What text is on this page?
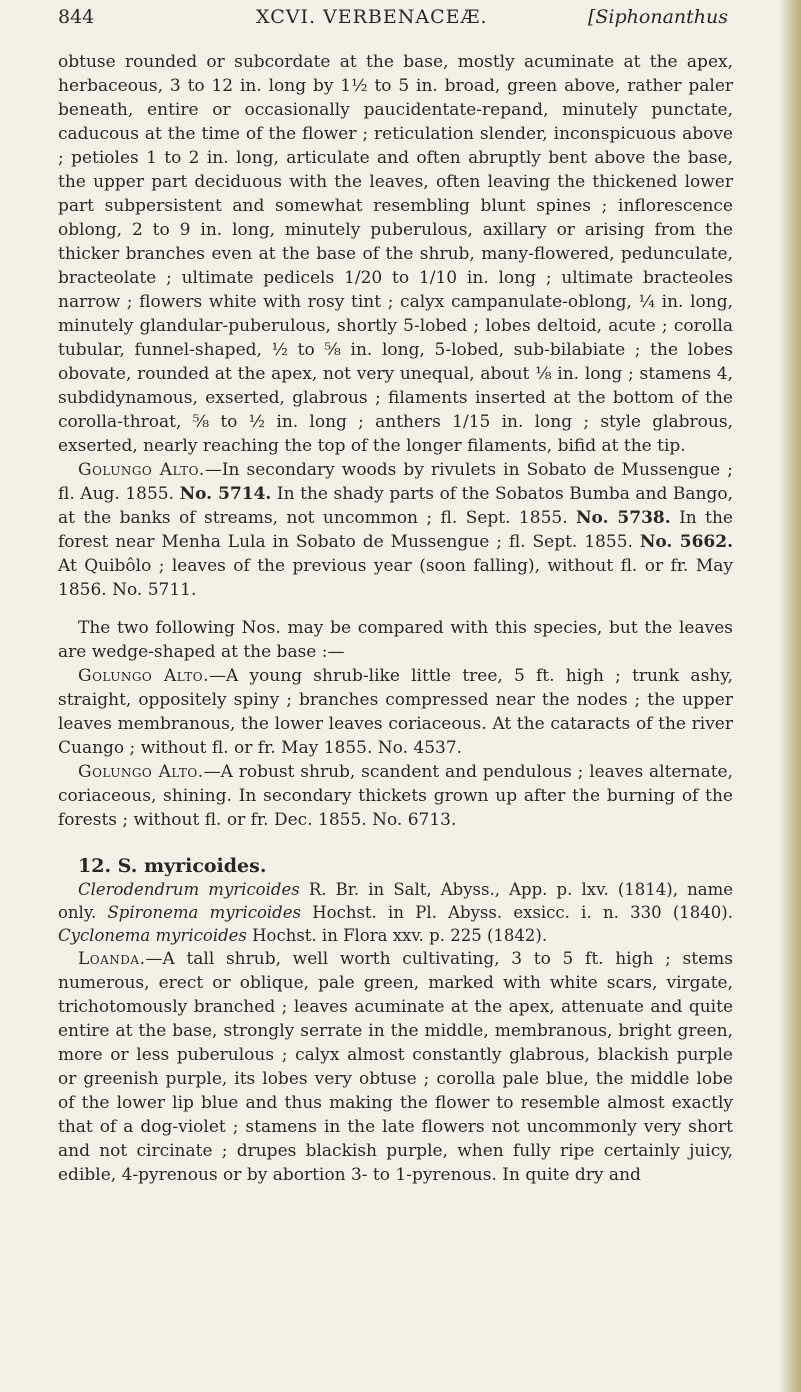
844	XCVI. VERBENACEÆ.	[Siphonanthus

obtuse rounded or subcordate at the base, mostly acuminate at the apex, herbaceous, 3 to 12 in. long by 1½ to 5 in. broad, green above, rather paler beneath, entire or occasionally paucidentate-repand, minutely punctate, caducous at the time of the flower ; reticulation slender, inconspicuous above ; petioles 1 to 2 in. long, articulate and often abruptly bent above the base, the upper part deciduous with the leaves, often leaving the thickened lower part subpersistent and somewhat resembling blunt spines ; inflorescence oblong, 2 to 9 in. long, minutely puberulous, axillary or arising from the thicker branches even at the base of the shrub, many-flowered, pedunculate, bracteolate ; ultimate pedicels 1/20 to 1/10 in. long ; ultimate bracteoles narrow ; flowers white with rosy tint ; calyx campanulate-oblong, ¼ in. long, minutely glandular-puberulous, shortly 5-lobed ; lobes deltoid, acute ; corolla tubular, funnel-shaped, ½ to ⅝ in. long, 5-lobed, sub-bilabiate ; the lobes obovate, rounded at the apex, not very unequal, about ⅛ in. long ; stamens 4, subdidynamous, exserted, glabrous ; filaments inserted at the bottom of the corolla-throat, ⅝ to ½ in. long ; anthers 1/15 in. long ; style glabrous, exserted, nearly reaching the top of the longer filaments, bifid at the tip.

Golungo Alto.—In secondary woods by rivulets in Sobato de Mussengue ; fl. Aug. 1855. No. 5714. In the shady parts of the Sobatos Bumba and Bango, at the banks of streams, not uncommon ; fl. Sept. 1855. No. 5738. In the forest near Menha Lula in Sobato de Mussengue ; fl. Sept. 1855. No. 5662. At Quibôlo ; leaves of the previous year (soon falling), without fl. or fr. May 1856. No. 5711.

The two following Nos. may be compared with this species, but the leaves are wedge-shaped at the base :—

Golungo Alto.—A young shrub-like little tree, 5 ft. high ; trunk ashy, straight, oppositely spiny ; branches compressed near the nodes ; the upper leaves membranous, the lower leaves coriaceous. At the cataracts of the river Cuango ; without fl. or fr. May 1855. No. 4537.

Golungo Alto.—A robust shrub, scandent and pendulous ; leaves alternate, coriaceous, shining. In secondary thickets grown up after the burning of the forests ; without fl. or fr. Dec. 1855. No. 6713.

12. S. myricoides.

Clerodendrum myricoides R. Br. in Salt, Abyss., App. p. lxv. (1814), name only. Spironema myricoides Hochst. in Pl. Abyss. exsicc. i. n. 330 (1840). Cyclonema myricoides Hochst. in Flora xxv. p. 225 (1842).

Loanda.—A tall shrub, well worth cultivating, 3 to 5 ft. high ; stems numerous, erect or oblique, pale green, marked with white scars, virgate, trichotomously branched ; leaves acuminate at the apex, attenuate and quite entire at the base, strongly serrate in the middle, membranous, bright green, more or less puberulous ; calyx almost constantly glabrous, blackish purple or greenish purple, its lobes very obtuse ; corolla pale blue, the middle lobe of the lower lip blue and thus making the flower to resemble almost exactly that of a dog-violet ; stamens in the late flowers not uncommonly very short and not circinate ; drupes blackish purple, when fully ripe certainly juicy, edible, 4-pyrenous or by abortion 3- to 1-pyrenous. In quite dry and
